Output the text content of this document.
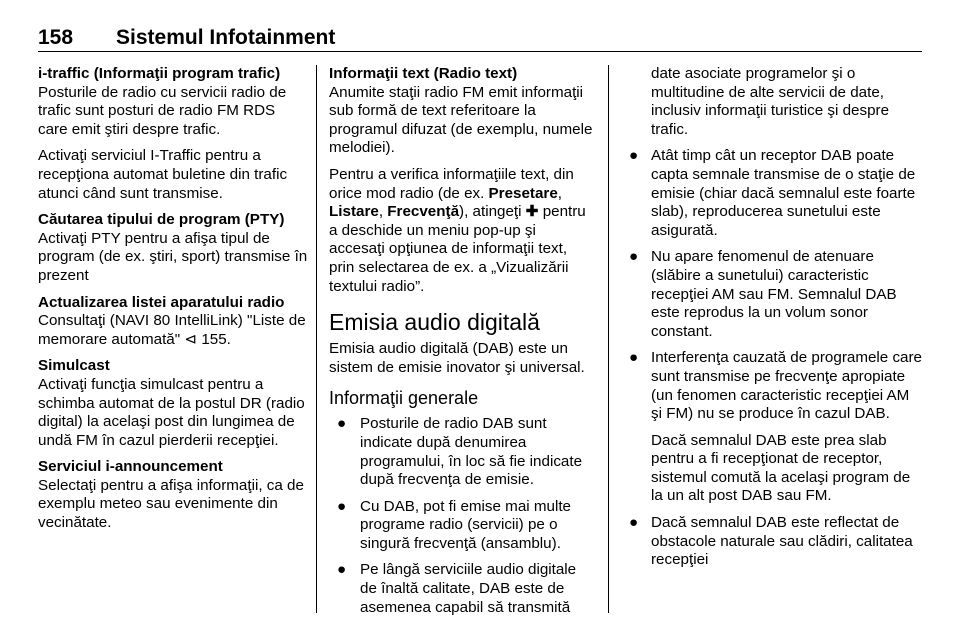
158 Sistemul Infotainment
i-traffic (Informaţii program trafic)

Posturile de radio cu servicii radio de trafic sunt posturi de radio FM RDS care emit ştiri despre trafic.

Activaţi serviciul I-Traffic pentru a recepţiona automat buletine din trafic atunci când sunt transmise.

Căutarea tipului de program (PTY)

Activaţi PTY pentru a afişa tipul de program (de ex. ştiri, sport) transmise în prezent

Actualizarea listei aparatului radio

Consultaţi (NAVI 80 IntelliLink) "Liste de memorare automată" ⊲ 155.

Simulcast

Activaţi funcţia simulcast pentru a schimba automat de la postul DR (radio digital) la acelaşi post din lungimea de undă FM în cazul pierderii recepţiei.

Serviciul i-announcement

Selectaţi pentru a afişa informaţii, ca de exemplu meteo sau evenimente din vecinătate.

Informaţii text (Radio text)

Anumite staţii radio FM emit informaţii sub formă de text referitoare la programul difuzat (de exemplu, numele melodiei).

Pentru a verifica informaţiile text, din orice mod radio (de ex. Presetare, Listare, Frecvenţă), atingeţi ✚ pentru a deschide un meniu pop-up şi accesaţi opţiunea de informaţii text, prin selectarea de ex. a „Vizualizării textului radio”.

Emisia audio digitală

Emisia audio digitală (DAB) este un sistem de emisie inovator şi universal.

Informaţii generale
● Posturile de radio DAB sunt indicate după denumirea programului, în loc să fie indicate după frecvenţa de emisie.
● Cu DAB, pot fi emise mai multe programe radio (servicii) pe o singură frecvenţă (ansamblu).
● Pe lângă serviciile audio digitale de înaltă calitate, DAB este de asemenea capabil să transmită
date asociate programelor şi o multitudine de alte servicii de date, inclusiv informaţii turistice şi despre trafic.
● Atât timp cât un receptor DAB poate capta semnale transmise de o staţie de emisie (chiar dacă semnalul este foarte slab), reproducerea sunetului este asigurată.
● Nu apare fenomenul de atenuare (slăbire a sunetului) caracteristic recepţiei AM sau FM. Semnalul DAB este reprodus la un volum sonor constant.
● Interferenţa cauzată de programele care sunt transmise pe frecvenţe apropiate (un fenomen caracteristic recepţiei AM şi FM) nu se produce în cazul DAB.
Dacă semnalul DAB este prea slab pentru a fi recepţionat de receptor, sistemul comută la acelaşi program de la un alt post DAB sau FM.
● Dacă semnalul DAB este reflectat de obstacole naturale sau clădiri, calitatea recepţiei
